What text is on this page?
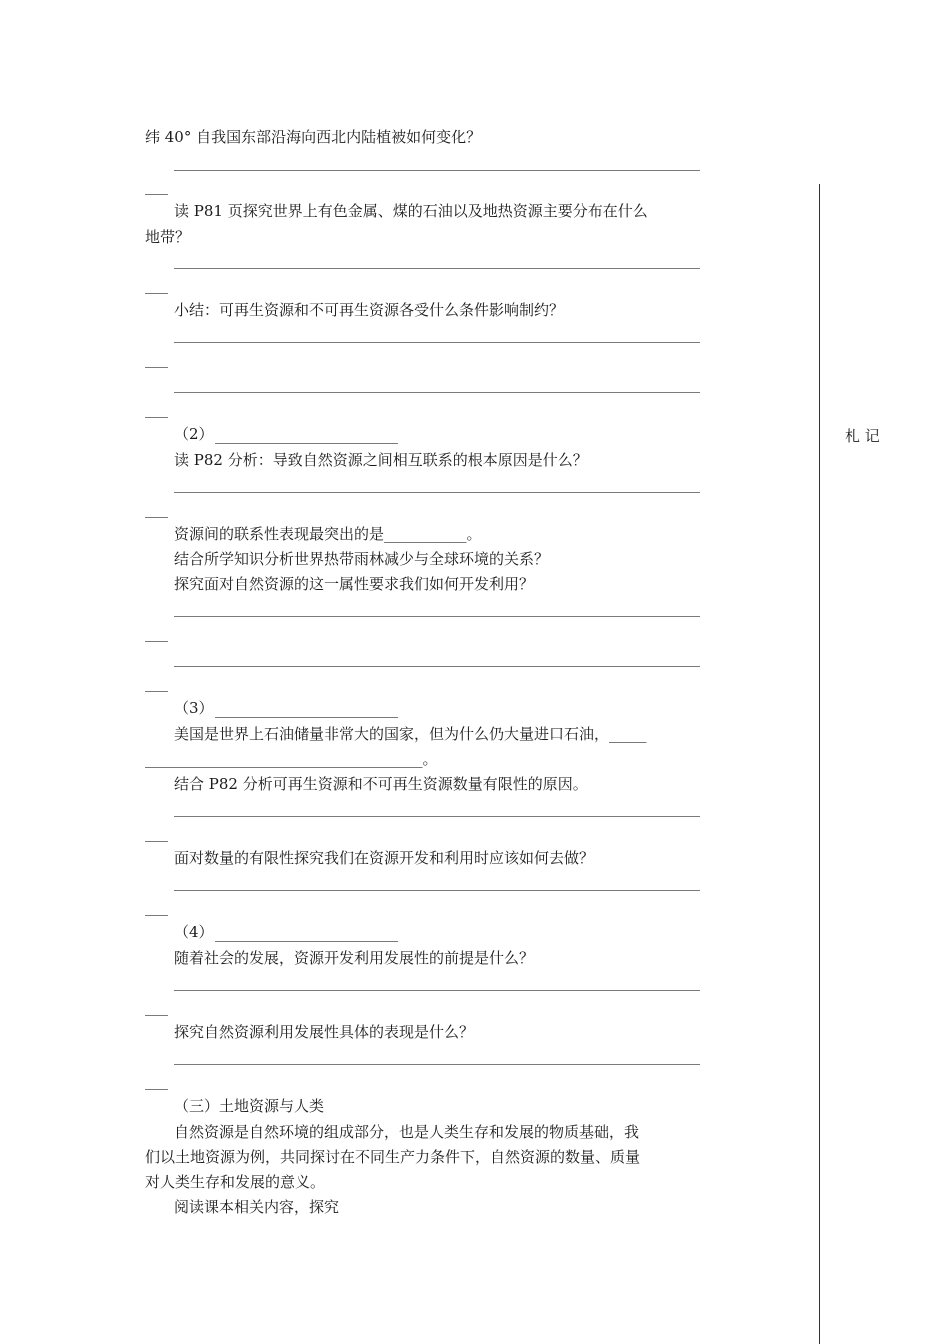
札 记
纬 40° 自我国东部沿海向西北内陆植被如何变化？
读 P81 页探究世界上有色金属、煤的石油以及地热资源主要分布在什么
地带？
小结：可再生资源和不可再生资源各受什么条件影响制约？
（2）
读 P82 分析：导致自然资源之间相互联系的根本原因是什么？
资源间的联系性表现最突出的是___________。
结合所学知识分析世界热带雨林减少与全球环境的关系？
探究面对自然资源的这一属性要求我们如何开发利用？
（3）
美国是世界上石油储量非常大的国家，但为什么仍大量进口石油，_____
_____________________________________。
结合 P82 分析可再生资源和不可再生资源数量有限性的原因。
面对数量的有限性探究我们在资源开发和利用时应该如何去做？
（4）
随着社会的发展，资源开发利用发展性的前提是什么？
探究自然资源利用发展性具体的表现是什么？
（三）土地资源与人类
自然资源是自然环境的组成部分，也是人类生存和发展的物质基础，我
们以土地资源为例，共同探讨在不同生产力条件下，自然资源的数量、质量
对人类生存和发展的意义。
阅读课本相关内容，探究
